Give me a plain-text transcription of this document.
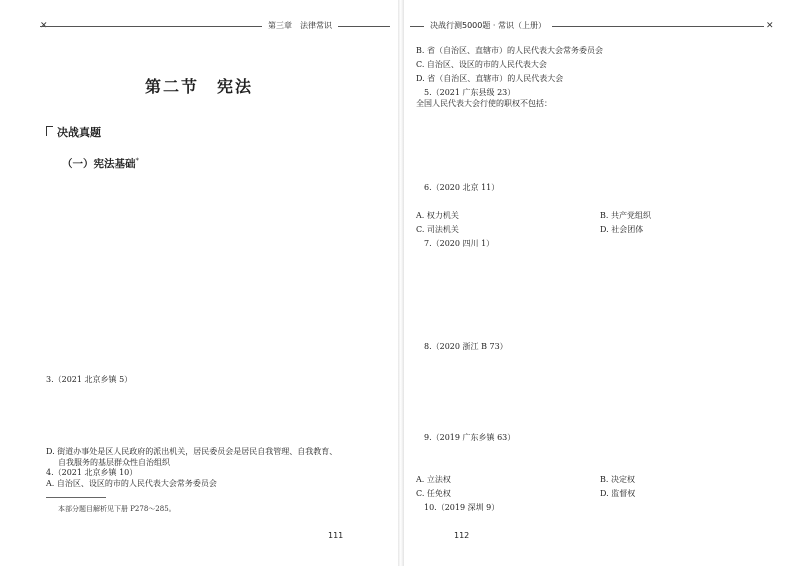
✕	第三章　法律常识
第二节　宪法
决战真题
（一）宪法基础*
3.（2021 北京乡镇 5）
D. 街道办事处是区人民政府的派出机关，居民委员会是居民自我管理、自我教育、
自我服务的基层群众性自治组织
4.（2021 北京乡镇 10）
A. 自治区、设区的市的人民代表大会常务委员会
本部分题目解析见下册 P278～285。
111
决战行测5000题 · 常识（上册）	✕
B. 省（自治区、直辖市）的人民代表大会常务委员会
C. 自治区、设区的市的人民代表大会
D. 省（自治区、直辖市）的人民代表大会
5.（2021 广东县级 23）
全国人民代表大会行使的职权不包括：
6.（2020 北京 11）
A. 权力机关	B. 共产党组织
C. 司法机关	D. 社会团体
7.（2020 四川 1）
8.（2020 浙江 B 73）
9.（2019 广东乡镇 63）
A. 立法权	B. 决定权
C. 任免权	D. 监督权
10.（2019 深圳 9）
112
